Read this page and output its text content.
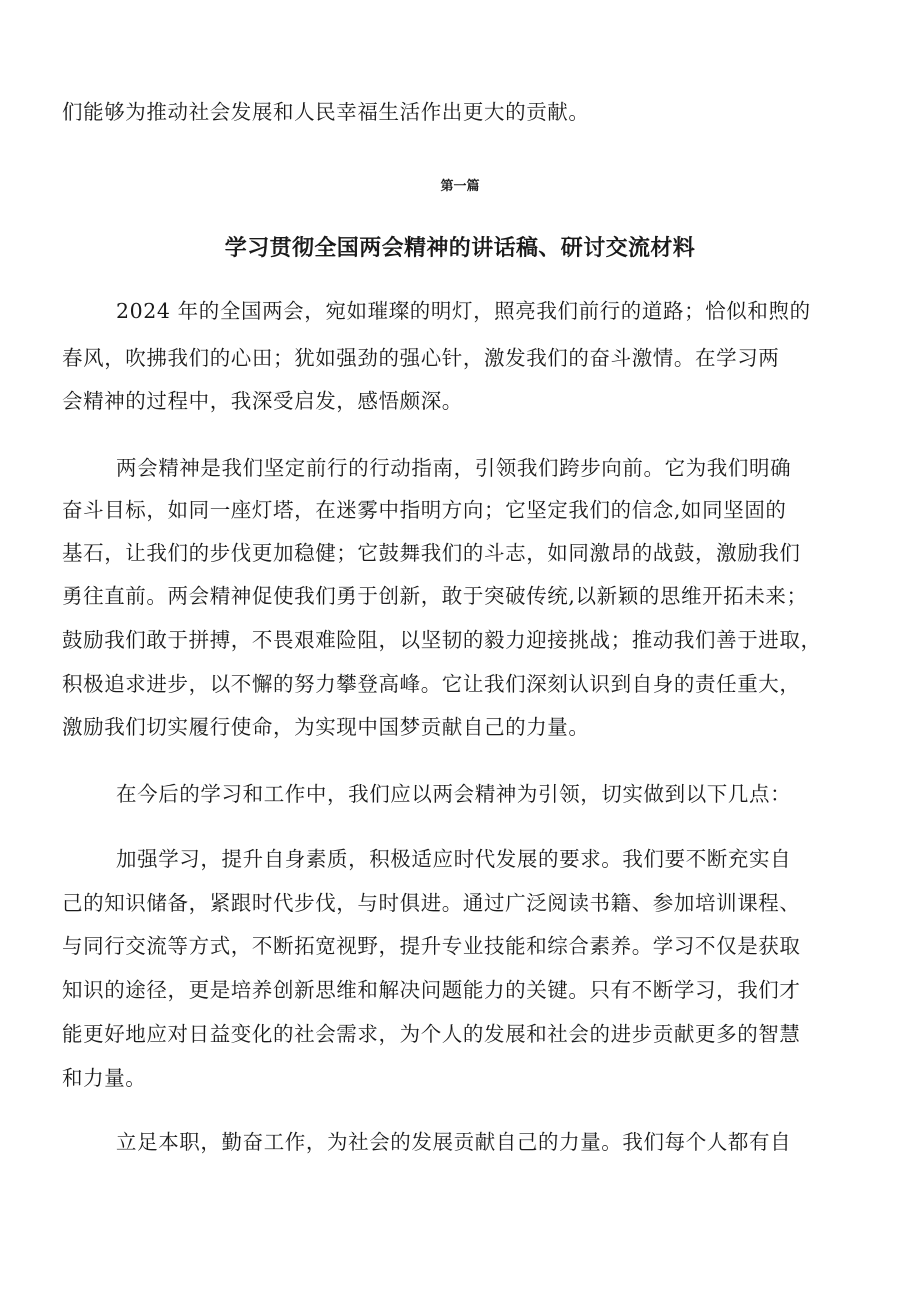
们能够为推动社会发展和人民幸福生活作出更大的贡献。
第一篇
学习贯彻全国两会精神的讲话稿、研讨交流材料
2024 年的全国两会，宛如璀璨的明灯，照亮我们前行的道路；恰似和煦的
春风，吹拂我们的心田；犹如强劲的强心针，激发我们的奋斗激情。在学习两
会精神的过程中，我深受启发，感悟颇深。
两会精神是我们坚定前行的行动指南，引领我们跨步向前。它为我们明确
奋斗目标，如同一座灯塔，在迷雾中指明方向；它坚定我们的信念,如同坚固的
基石，让我们的步伐更加稳健；它鼓舞我们的斗志，如同激昂的战鼓，激励我们
勇往直前。两会精神促使我们勇于创新，敢于突破传统,以新颖的思维开拓未来；
鼓励我们敢于拼搏，不畏艰难险阻，以坚韧的毅力迎接挑战；推动我们善于进取，
积极追求进步，以不懈的努力攀登高峰。它让我们深刻认识到自身的责任重大，
激励我们切实履行使命，为实现中国梦贡献自己的力量。
在今后的学习和工作中，我们应以两会精神为引领，切实做到以下几点：
加强学习，提升自身素质，积极适应时代发展的要求。我们要不断充实自
己的知识储备，紧跟时代步伐，与时俱进。通过广泛阅读书籍、参加培训课程、
与同行交流等方式，不断拓宽视野，提升专业技能和综合素养。学习不仅是获取
知识的途径，更是培养创新思维和解决问题能力的关键。只有不断学习，我们才
能更好地应对日益变化的社会需求，为个人的发展和社会的进步贡献更多的智慧
和力量。
立足本职，勤奋工作，为社会的发展贡献自己的力量。我们每个人都有自
